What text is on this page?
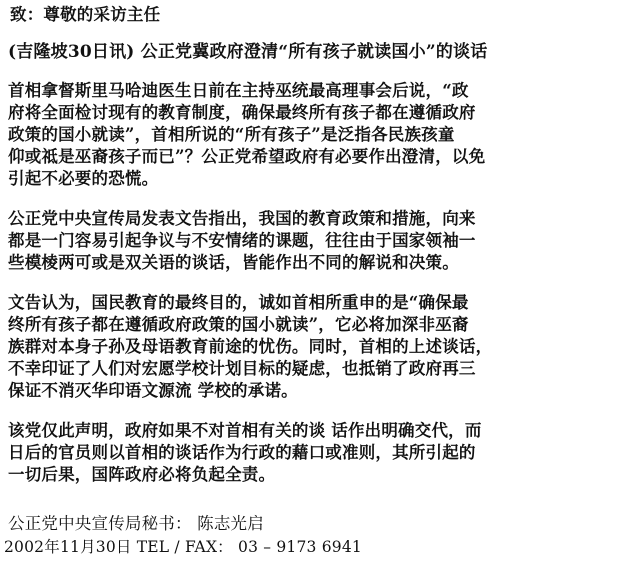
致：尊敬的采访主任
(吉隆坡30日讯) 公正党冀政府澄清“所有孩子就读国小”的谈话
首相拿督斯里马哈迪医生日前在主持巫统最高理事会后说，“政
府将全面检讨现有的教育制度，确保最终所有孩子都在遵循政府
政策的国小就读”，首相所说的“所有孩子”是泛指各民族孩童
仰或祗是巫裔孩子而已”？公正党希望政府有必要作出澄清，以免
引起不必要的恐慌。
公正党中央宣传局发表文告指出，我国的教育政策和措施，向来
都是一门容易引起争议与不安情绪的课题，往往由于国家领袖一
些模棱两可或是双关语的谈话，皆能作出不同的解说和决策。
文告认为，国民教育的最终目的，诚如首相所重申的是“确保最
终所有孩子都在遵循政府政策的国小就读”，它必将加深非巫裔
族群对本身子孙及母语教育前途的忧伤。同时，首相的上述谈话，
不幸印证了人们对宏愿学校计划目标的疑虑，也抵销了政府再三
保证不消灭华印语文源流 学校的承诺。
该党仅此声明，政府如果不对首相有关的谈 话作出明确交代，而
日后的官员则以首相的谈话作为行政的藉口或准则，其所引起的
一切后果，国阵政府必将负起全责。
公正党中央宣传局秘书： 陈志光启
2002年11月30日 TEL / FAX： 03 – 9173 6941
